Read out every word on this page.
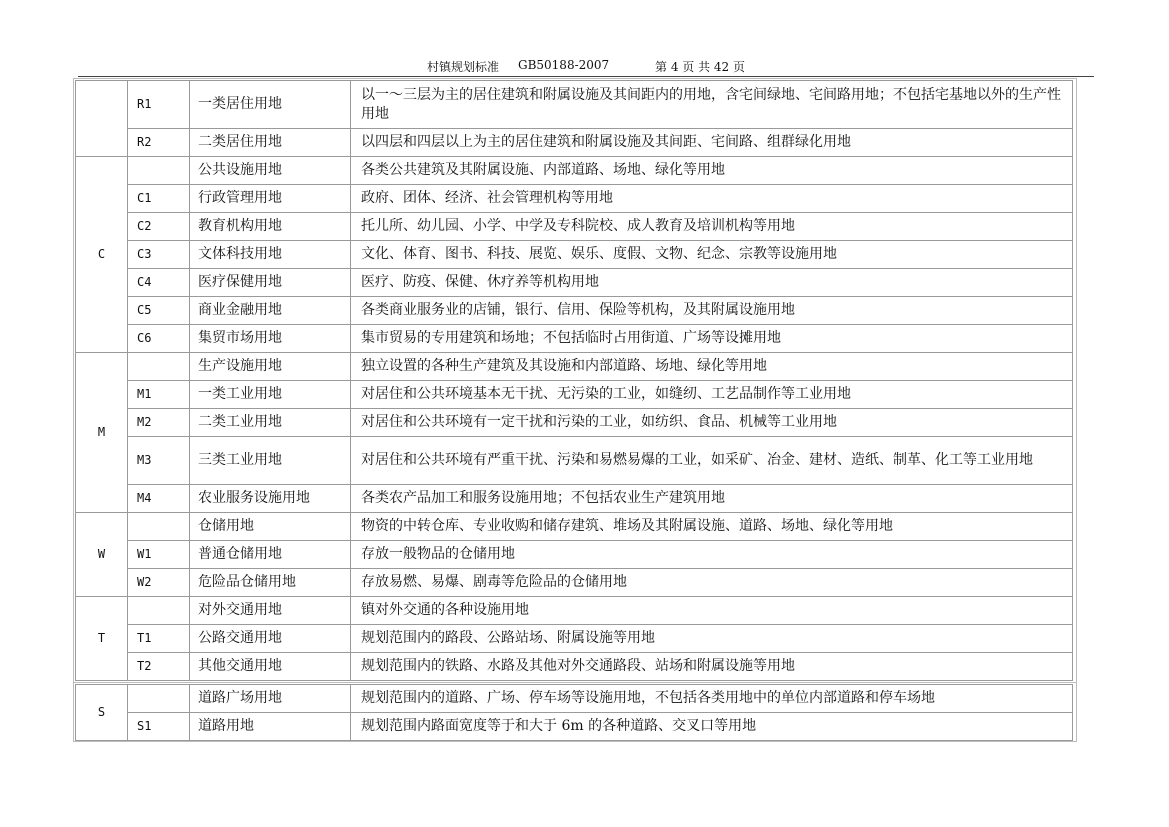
村镇规划标准 GB50188-2007	第 4 页 共 42 页
	R1	一类居住用地	以一～三层为主的居住建筑和附属设施及其间距内的用地，含宅间绿地、宅间路用地；不包括宅基地以外的生产性用地
	R2	二类居住用地	以四层和四层以上为主的居住建筑和附属设施及其间距、宅间路、组群绿化用地
C		公共设施用地	各类公共建筑及其附属设施、内部道路、场地、绿化等用地
	C1	行政管理用地	政府、团体、经济、社会管理机构等用地
	C2	教育机构用地	托儿所、幼儿园、小学、中学及专科院校、成人教育及培训机构等用地
	C3	文体科技用地	文化、体育、图书、科技、展览、娱乐、度假、文物、纪念、宗教等设施用地
	C4	医疗保健用地	医疗、防疫、保健、休疗养等机构用地
	C5	商业金融用地	各类商业服务业的店铺，银行、信用、保险等机构，及其附属设施用地
	C6	集贸市场用地	集市贸易的专用建筑和场地；不包括临时占用街道、广场等设摊用地
M		生产设施用地	独立设置的各种生产建筑及其设施和内部道路、场地、绿化等用地
	M1	一类工业用地	对居住和公共环境基本无干扰、无污染的工业，如缝纫、工艺品制作等工业用地
	M2	二类工业用地	对居住和公共环境有一定干扰和污染的工业，如纺织、食品、机械等工业用地
	M3	三类工业用地	对居住和公共环境有严重干扰、污染和易燃易爆的工业，如采矿、冶金、建材、造纸、制革、化工等工业用地
	M4	农业服务设施用地	各类农产品加工和服务设施用地；不包括农业生产建筑用地
W		仓储用地	物资的中转仓库、专业收购和储存建筑、堆场及其附属设施、道路、场地、绿化等用地
	W1	普通仓储用地	存放一般物品的仓储用地
	W2	危险品仓储用地	存放易燃、易爆、剧毒等危险品的仓储用地
T		对外交通用地	镇对外交通的各种设施用地
	T1	公路交通用地	规划范围内的路段、公路站场、附属设施等用地
	T2	其他交通用地	规划范围内的铁路、水路及其他对外交通路段、站场和附属设施等用地
S		道路广场用地	规划范围内的道路、广场、停车场等设施用地，不包括各类用地中的单位内部道路和停车场地
	S1	道路用地	规划范围内路面宽度等于和大于 6m 的各种道路、交叉口等用地
